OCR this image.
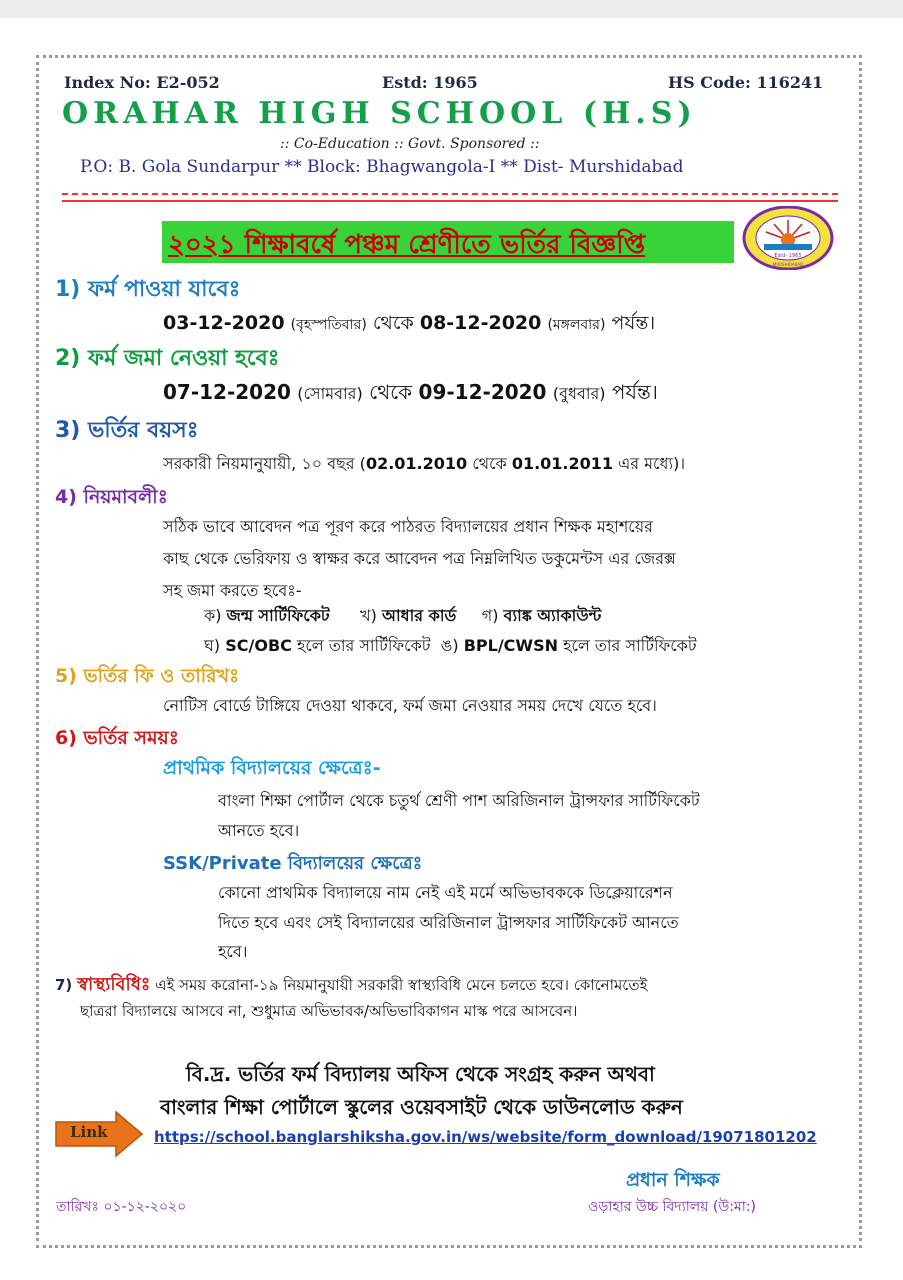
Index No: E2-052	Estd: 1965	HS Code: 116241
ORAHAR HIGH SCHOOL (H.S)
:: Co-Education :: Govt. Sponsored ::
P.O: B. Gola Sundarpur ** Block: Bhagwangola-I ** Dist- Murshidabad
২০২১ শিক্ষাবর্ষে পঞ্চম শ্রেণীতে ভর্তির বিজ্ঞপ্তি	Estd- 1965
MURSHIDABAD
1) ফর্ম পাওয়া যাবেঃ
03-12-2020 (বৃহস্পতিবার) থেকে 08-12-2020 (মঙ্গলবার) পর্যন্ত।
2) ফর্ম জমা নেওয়া হবেঃ
07-12-2020 (সোমবার) থেকে 09-12-2020 (বুধবার) পর্যন্ত।
3) ভর্তির বয়সঃ
সরকারী নিয়মানুযায়ী, ১০ বছর (02.01.2010 থেকে 01.01.2011 এর মধ্যে)।
4) নিয়মাবলীঃ
সঠিক ভাবে আবেদন পত্র পূরণ করে পাঠরত বিদ্যালয়ের প্রধান শিক্ষক মহাশয়ের
কাছ থেকে ভেরিফায় ও স্বাক্ষর করে আবেদন পত্র নিম্নলিখিত ডকুমেন্টস এর জেরক্স
সহ জমা করতে হবেঃ-
ক) জন্ম সার্টিফিকেট খ) আধার কার্ড গ) ব্যাঙ্ক অ্যাকাউন্ট
ঘ) SC/OBC হলে তার সার্টিফিকেট ঙ) BPL/CWSN হলে তার সার্টিফিকেট
5) ভর্তির ফি ও তারিখঃ
নোটিস বোর্ডে টাঙ্গিয়ে দেওয়া থাকবে, ফর্ম জমা নেওয়ার সময় দেখে যেতে হবে।
6) ভর্তির সময়ঃ
প্রাথমিক বিদ্যালয়ের ক্ষেত্রেঃ-
বাংলা শিক্ষা পোর্টাল থেকে চতুর্থ শ্রেণী পাশ অরিজিনাল ট্রান্সফার সার্টিফিকেট
আনতে হবে।
SSK/Private বিদ্যালয়ের ক্ষেত্রেঃ
কোনো প্রাথমিক বিদ্যালয়ে নাম নেই এই মর্মে অভিভাবককে ডিক্লেয়ারেশন
দিতে হবে এবং সেই বিদ্যালয়ের অরিজিনাল ট্রান্সফার সার্টিফিকেট আনতে
হবে।
7) স্বাস্থ্যবিধিঃ এই সময় করোনা-১৯ নিয়মানুযায়ী সরকারী স্বাস্থ্যবিধি মেনে চলতে হবে। কোনোমতেই
ছাত্ররা বিদ্যালয়ে আসবে না, শুধুমাত্র অভিভাবক/অভিভাবিকাগন মাস্ক পরে আসবেন।
বি.দ্র. ভর্তির ফর্ম বিদ্যালয় অফিস থেকে সংগ্রহ করুন অথবা
বাংলার শিক্ষা পোর্টালে স্কুলের ওয়েবসাইট থেকে ডাউনলোড করুন
Link	https://school.banglarshiksha.gov.in/ws/website/form_download/19071801202
প্রধান শিক্ষক
ওড়াহার উচ্চ বিদ্যালয় (উ:মা:)
তারিখঃ ০১-১২-২০২০
